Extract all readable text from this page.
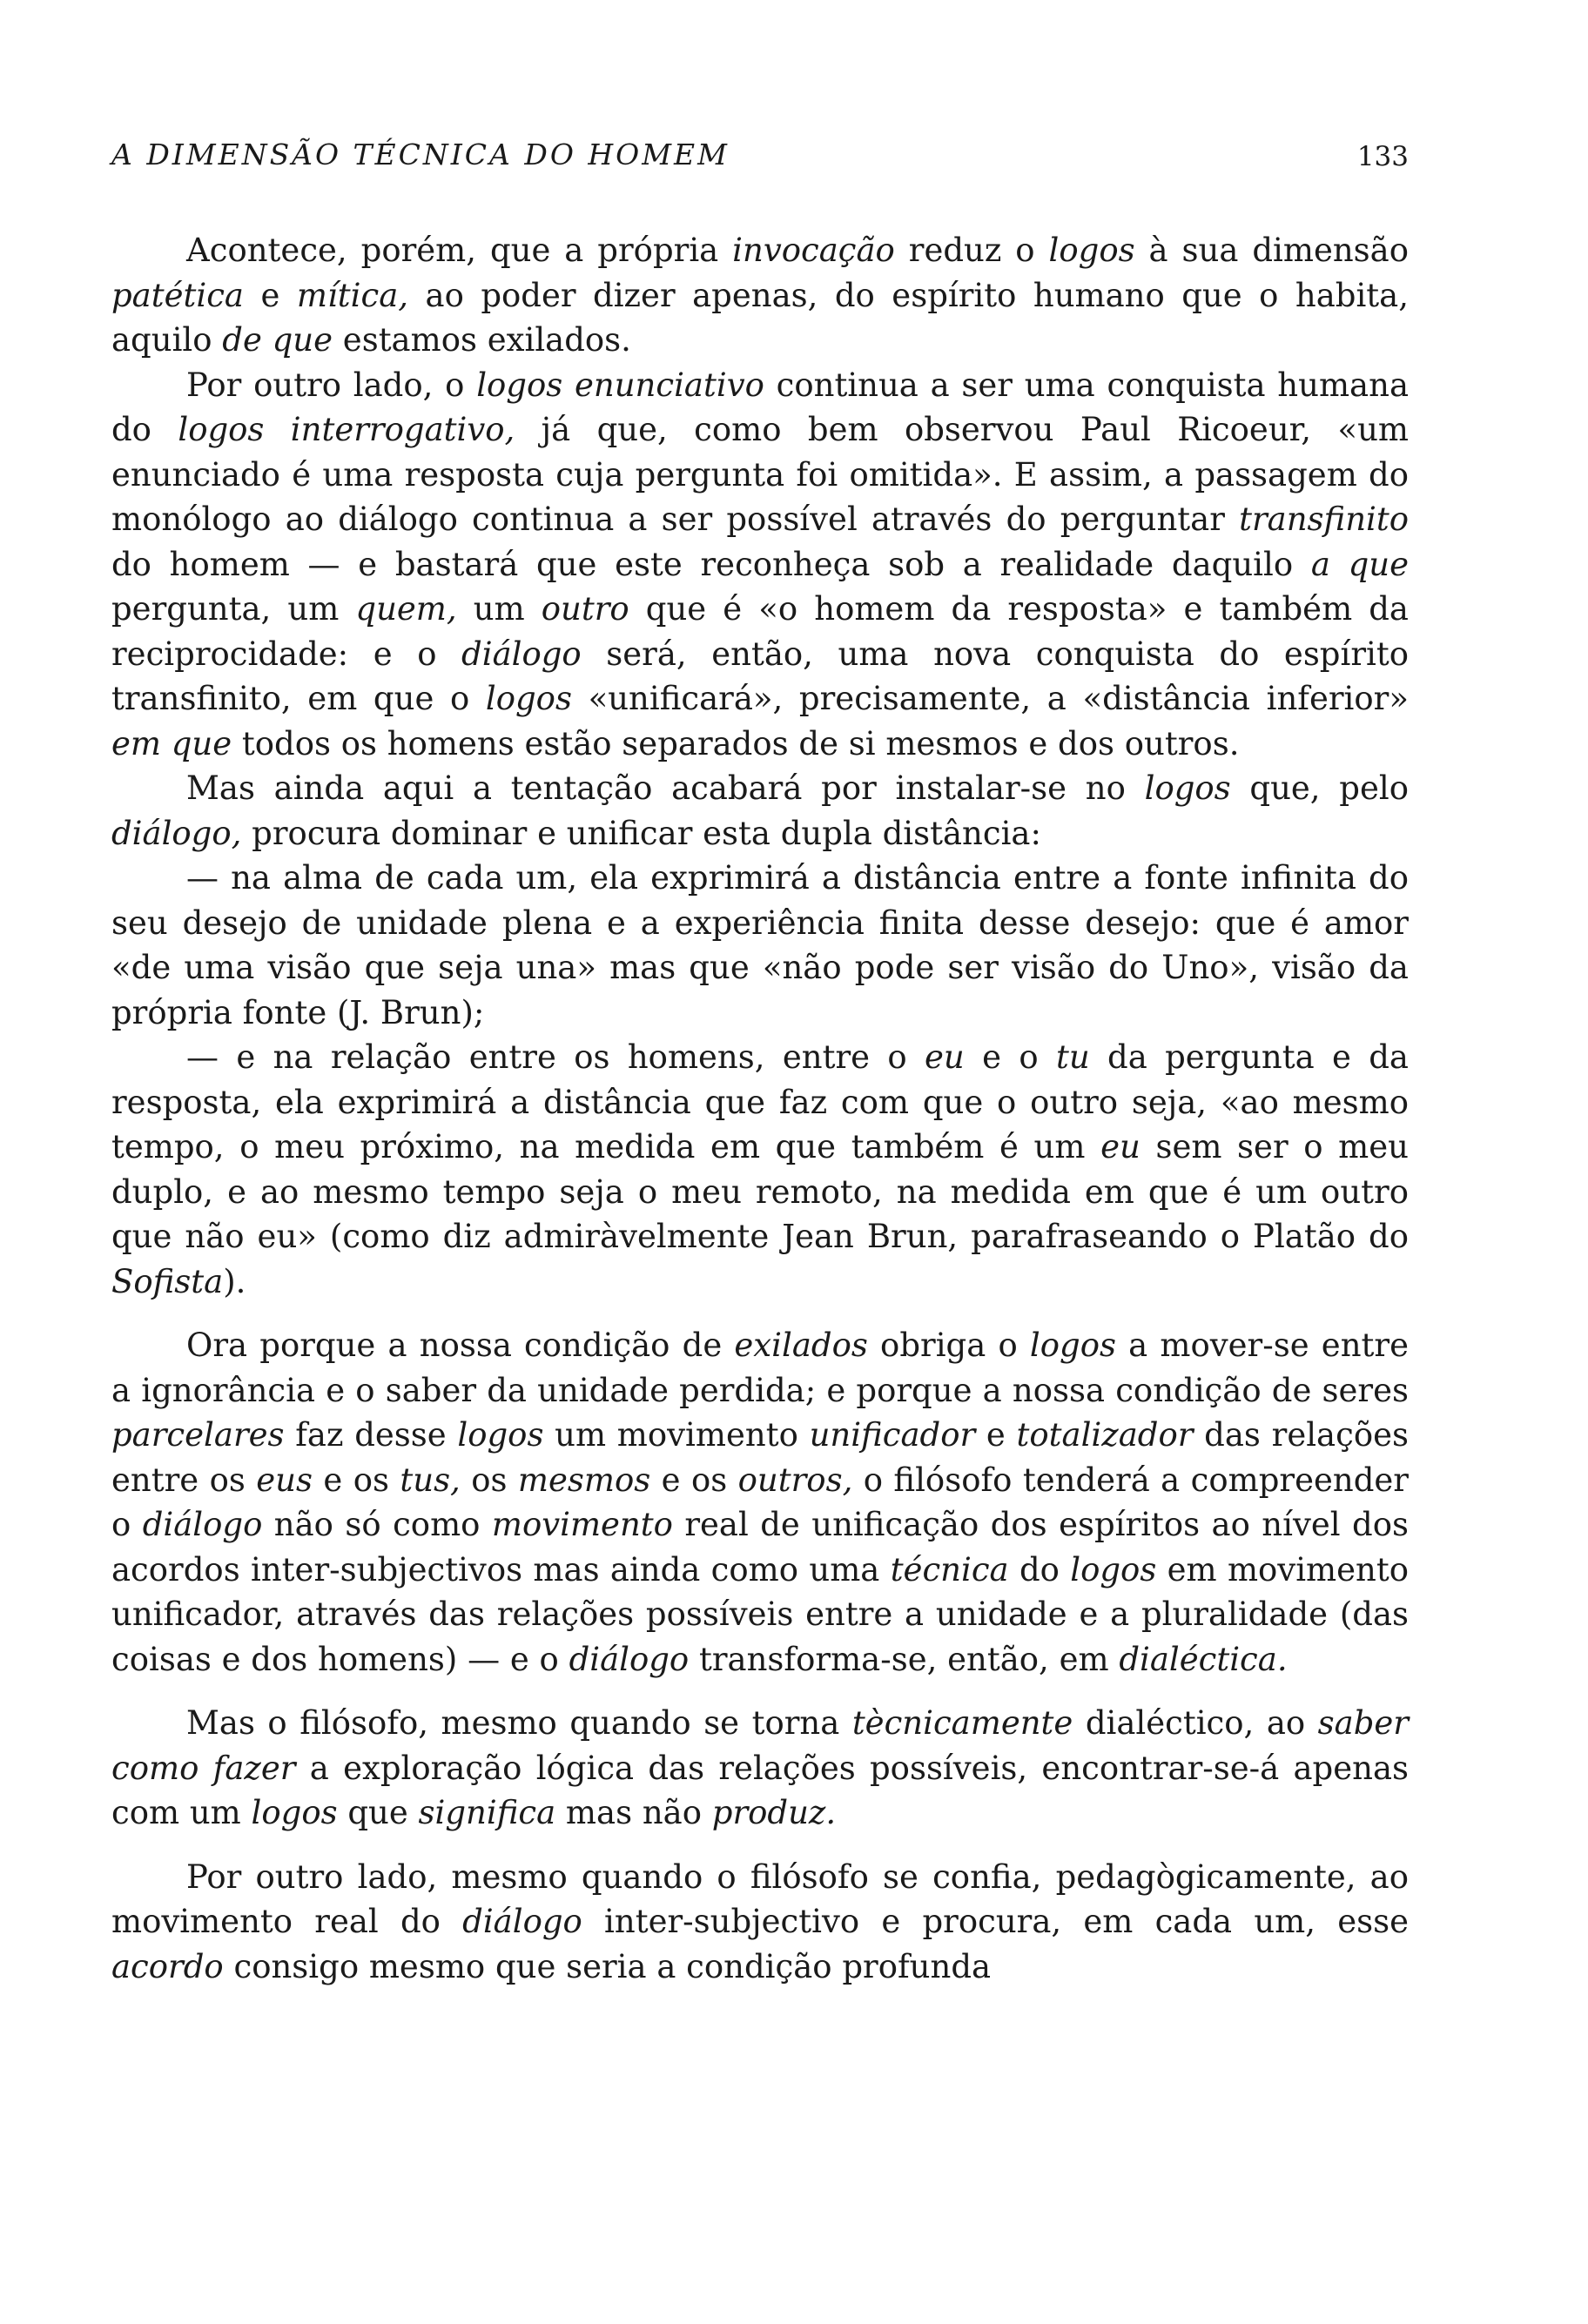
A DIMENSÃO TÉCNICA DO HOMEM	133

Acontece, porém, que a própria invocação reduz o logos à sua dimensão patética e mítica, ao poder dizer apenas, do espírito humano que o habita, aquilo de que estamos exilados.

Por outro lado, o logos enunciativo continua a ser uma conquista humana do logos interrogativo, já que, como bem observou Paul Ricoeur, «um enunciado é uma resposta cuja pergunta foi omitida». E assim, a passagem do monólogo ao diálogo continua a ser possível através do perguntar transfinito do homem — e bastará que este reconheça sob a realidade daquilo a que pergunta, um quem, um outro que é «o homem da resposta» e também da reciprocidade: e o diálogo será, então, uma nova conquista do espírito transfinito, em que o logos «unificará», precisamente, a «distância inferior» em que todos os homens estão separados de si mesmos e dos outros.

Mas ainda aqui a tentação acabará por instalar-se no logos que, pelo diálogo, procura dominar e unificar esta dupla distância:

— na alma de cada um, ela exprimirá a distância entre a fonte infinita do seu desejo de unidade plena e a experiência finita desse desejo: que é amor «de uma visão que seja una» mas que «não pode ser visão do Uno», visão da própria fonte (J. Brun);

— e na relação entre os homens, entre o eu e o tu da pergunta e da resposta, ela exprimirá a distância que faz com que o outro seja, «ao mesmo tempo, o meu próximo, na medida em que também é um eu sem ser o meu duplo, e ao mesmo tempo seja o meu remoto, na medida em que é um outro que não eu» (como diz admiràvelmente Jean Brun, parafraseando o Platão do Sofista).

Ora porque a nossa condição de exilados obriga o logos a mover-se entre a ignorância e o saber da unidade perdida; e porque a nossa condição de seres parcelares faz desse logos um movimento unificador e totalizador das relações entre os eus e os tus, os mesmos e os outros, o filósofo tenderá a compreender o diálogo não só como movimento real de unificação dos espíritos ao nível dos acordos inter-subjectivos mas ainda como uma técnica do logos em movimento unificador, através das relações possíveis entre a unidade e a pluralidade (das coisas e dos homens) — e o diálogo transforma-se, então, em dialéctica.

Mas o filósofo, mesmo quando se torna tècnicamente dialéctico, ao saber como fazer a exploração lógica das relações possíveis, encontrar-se-á apenas com um logos que significa mas não produz.

Por outro lado, mesmo quando o filósofo se confia, pedagògicamente, ao movimento real do diálogo inter-subjectivo e procura, em cada um, esse acordo consigo mesmo que seria a condição profunda
